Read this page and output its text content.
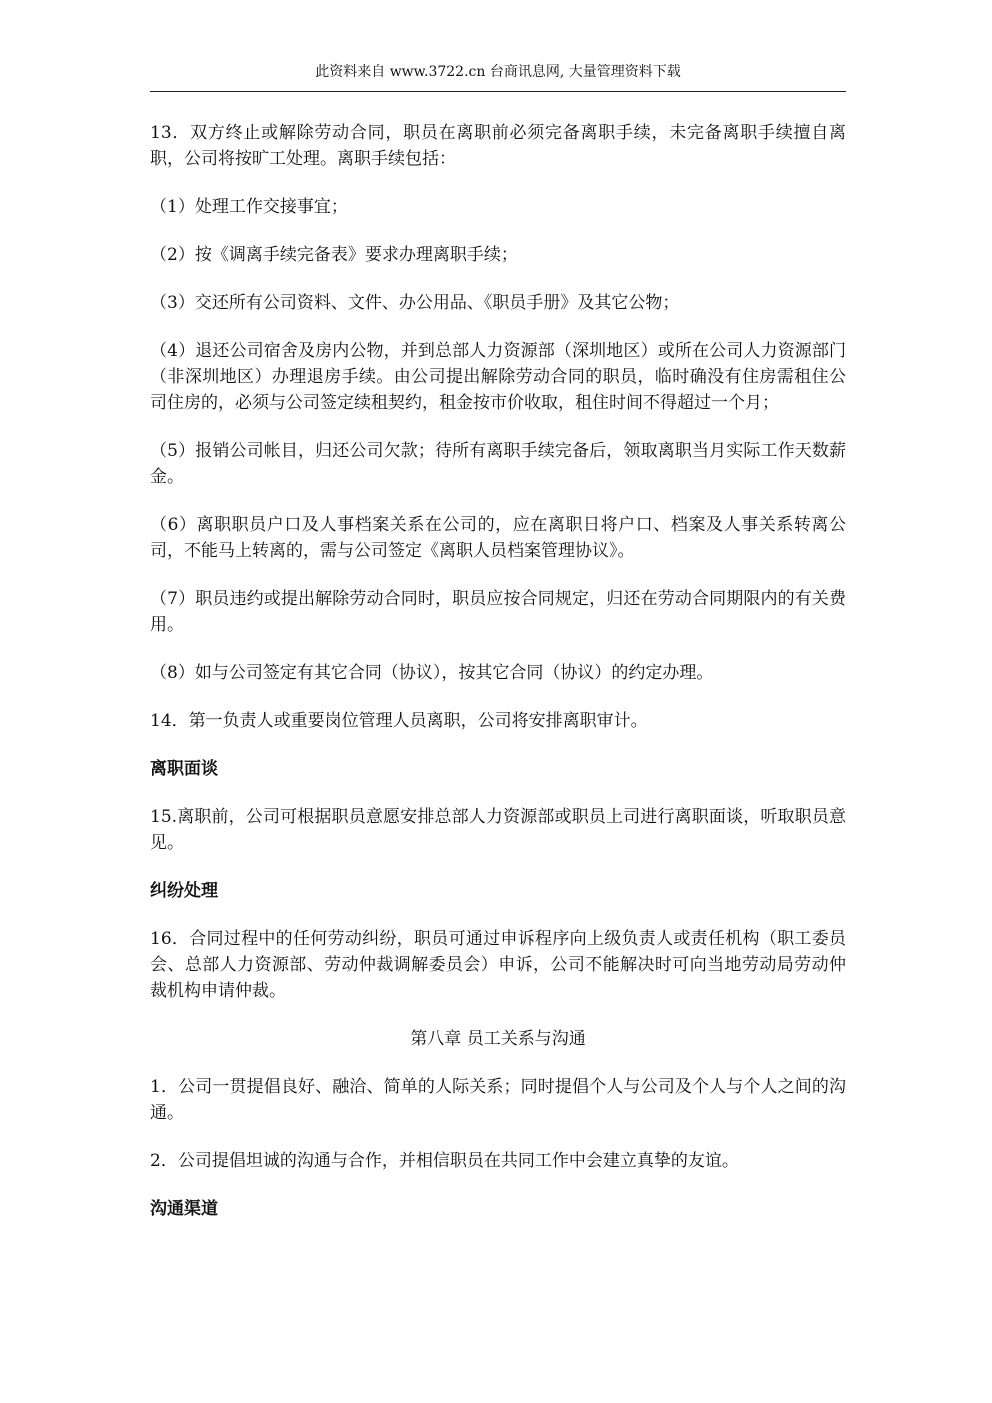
此资料来自 www.3722.cn 台商讯息网, 大量管理资料下载

13．双方终止或解除劳动合同，职员在离职前必须完备离职手续，未完备离职手续擅自离职，公司将按旷工处理。离职手续包括：

（1）处理工作交接事宜；

（2）按《调离手续完备表》要求办理离职手续；

（3）交还所有公司资料、文件、办公用品、《职员手册》及其它公物；

（4）退还公司宿舍及房内公物，并到总部人力资源部（深圳地区）或所在公司人力资源部门（非深圳地区）办理退房手续。由公司提出解除劳动合同的职员，临时确没有住房需租住公司住房的，必须与公司签定续租契约，租金按市价收取，租住时间不得超过一个月；

（5）报销公司帐目，归还公司欠款；待所有离职手续完备后，领取离职当月实际工作天数薪金。

（6）离职职员户口及人事档案关系在公司的，应在离职日将户口、档案及人事关系转离公司，不能马上转离的，需与公司签定《离职人员档案管理协议》。

（7）职员违约或提出解除劳动合同时，职员应按合同规定，归还在劳动合同期限内的有关费用。

（8）如与公司签定有其它合同（协议），按其它合同（协议）的约定办理。

14．第一负责人或重要岗位管理人员离职，公司将安排离职审计。

离职面谈

15.离职前，公司可根据职员意愿安排总部人力资源部或职员上司进行离职面谈，听取职员意见。

纠纷处理

16．合同过程中的任何劳动纠纷，职员可通过申诉程序向上级负责人或责任机构（职工委员会、总部人力资源部、劳动仲裁调解委员会）申诉，公司不能解决时可向当地劳动局劳动仲裁机构申请仲裁。

第八章 员工关系与沟通

1．公司一贯提倡良好、融洽、简单的人际关系；同时提倡个人与公司及个人与个人之间的沟通。

2．公司提倡坦诚的沟通与合作，并相信职员在共同工作中会建立真挚的友谊。

沟通渠道
